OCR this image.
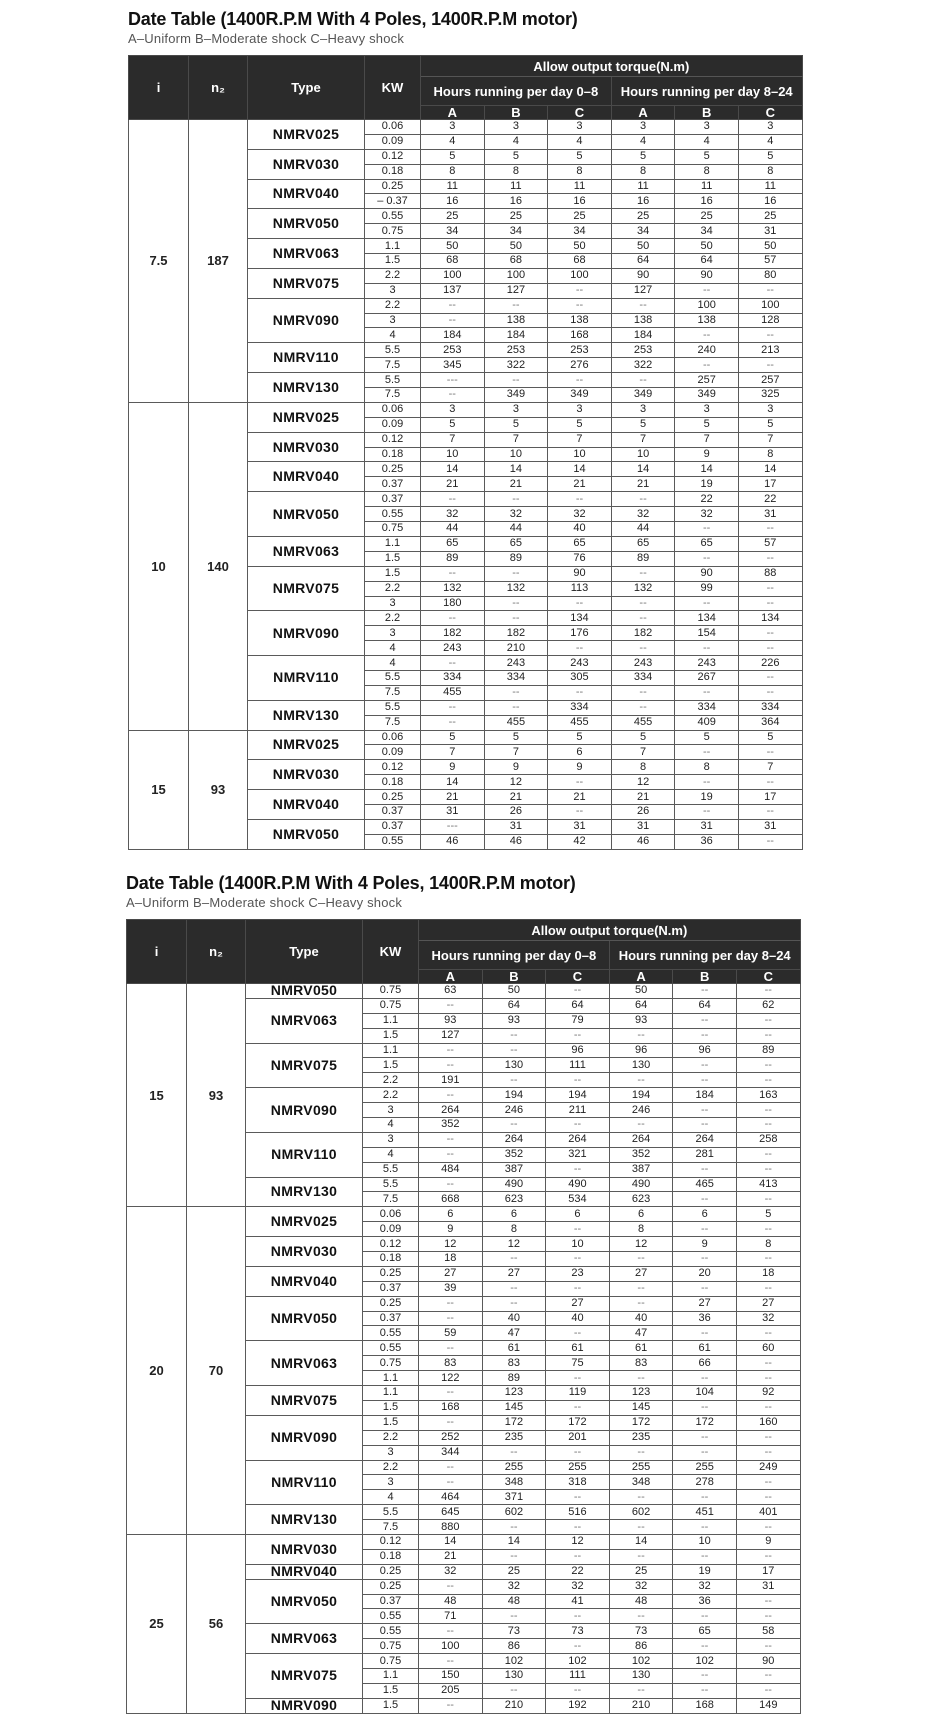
Date Table (1400R.P.M With 4 Poles, 1400R.P.M motor)

A–Uniform B–Moderate shock C–Heavy shock

i	n₂	Type	KW	Allow output torque(N.m)					
				Hours running per day 0–8			Hours running per day 8–24		
				A	B	C	A	B	C
7.5	187	NMRV025	0.06	3	3	3	3	3	3
			0.09	4	4	4	4	4	4
		NMRV030	0.12	5	5	5	5	5	5
			0.18	8	8	8	8	8	8
		NMRV040	0.25	11	11	11	11	11	11
			– 0.37	16	16	16	16	16	16
		NMRV050	0.55	25	25	25	25	25	25
			0.75	34	34	34	34	34	31
		NMRV063	1.1	50	50	50	50	50	50
			1.5	68	68	68	64	64	57
		NMRV075	2.2	100	100	100	90	90	80
			3	137	127	--	127	--	--
		NMRV090	2.2	--	--	--	--	100	100
			3	--	138	138	138	138	128
			4	184	184	168	184	--	--
		NMRV110	5.5	253	253	253	253	240	213
			7.5	345	322	276	322	--	--
		NMRV130	5.5	---	--	--	--	257	257
			7.5	--	349	349	349	349	325
10	140	NMRV025	0.06	3	3	3	3	3	3
			0.09	5	5	5	5	5	5
		NMRV030	0.12	7	7	7	7	7	7
			0.18	10	10	10	10	9	8
		NMRV040	0.25	14	14	14	14	14	14
			0.37	21	21	21	21	19	17
		NMRV050	0.37	--	--	--	--	22	22
			0.55	32	32	32	32	32	31
			0.75	44	44	40	44	--	--
		NMRV063	1.1	65	65	65	65	65	57
			1.5	89	89	76	89	--	--
		NMRV075	1.5	--	--	90	--	90	88
			2.2	132	132	113	132	99	--
			3	180	--	--	--	--	--
		NMRV090	2.2	--	--	134	--	134	134
			3	182	182	176	182	154	--
			4	243	210	--	--	--	--
		NMRV110	4	--	243	243	243	243	226
			5.5	334	334	305	334	267	--
			7.5	455	--	--	--	--	--
		NMRV130	5.5	--	--	334	--	334	334
			7.5	--	455	455	455	409	364
15	93	NMRV025	0.06	5	5	5	5	5	5
			0.09	7	7	6	7	--	--
		NMRV030	0.12	9	9	9	8	8	7
			0.18	14	12	--	12	--	--
		NMRV040	0.25	21	21	21	21	19	17
			0.37	31	26	--	26	--	--
		NMRV050	0.37	---	31	31	31	31	31
			0.55	46	46	42	46	36	--
Date Table (1400R.P.M With 4 Poles, 1400R.P.M motor)

A–Uniform B–Moderate shock C–Heavy shock

i	n₂	Type	KW	Allow output torque(N.m)					
				Hours running per day 0–8			Hours running per day 8–24		
				A	B	C	A	B	C
15	93	NMRV050	0.75	63	50	--	50	--	--
		NMRV063	0.75	--	64	64	64	64	62
			1.1	93	93	79	93	--	--
			1.5	127	--	--	--	--	--
		NMRV075	1.1	--	--	96	96	96	89
			1.5	--	130	111	130	--	--
			2.2	191	--	--	--	--	--
		NMRV090	2.2	--	194	194	194	184	163
			3	264	246	211	246	--	--
			4	352	--	--	--	--	--
		NMRV110	3	--	264	264	264	264	258
			4	--	352	321	352	281	--
			5.5	484	387	--	387	--	--
		NMRV130	5.5	--	490	490	490	465	413
			7.5	668	623	534	623	--	--
20	70	NMRV025	0.06	6	6	6	6	6	5
			0.09	9	8	--	8	--	--
		NMRV030	0.12	12	12	10	12	9	8
			0.18	18	--	--	--	--	--
		NMRV040	0.25	27	27	23	27	20	18
			0.37	39	--	--	--	--	--
		NMRV050	0.25	--	--	27	--	27	27
			0.37	--	40	40	40	36	32
			0.55	59	47	--	47	--	--
		NMRV063	0.55	--	61	61	61	61	60
			0.75	83	83	75	83	66	--
			1.1	122	89	--	--	--	--
		NMRV075	1.1	--	123	119	123	104	92
			1.5	168	145	--	145	--	--
		NMRV090	1.5	--	172	172	172	172	160
			2.2	252	235	201	235	--	--
			3	344	--	--	--	--	--
		NMRV110	2.2	--	255	255	255	255	249
			3	--	348	318	348	278	--
			4	464	371	--	--	--	--
		NMRV130	5.5	645	602	516	602	451	401
			7.5	880	--	--	--	--	--
25	56	NMRV030	0.12	14	14	12	14	10	9
			0.18	21	--	--	--	--	--
		NMRV040	0.25	32	25	22	25	19	17
		NMRV050	0.25	--	32	32	32	32	31
			0.37	48	48	41	48	36	--
			0.55	71	--	--	--	--	--
		NMRV063	0.55	--	73	73	73	65	58
			0.75	100	86	--	86	--	--
		NMRV075	0.75	--	102	102	102	102	90
			1.1	150	130	111	130	--	--
			1.5	205	--	--	--	--	--
		NMRV090	1.5	--	210	192	210	168	149
